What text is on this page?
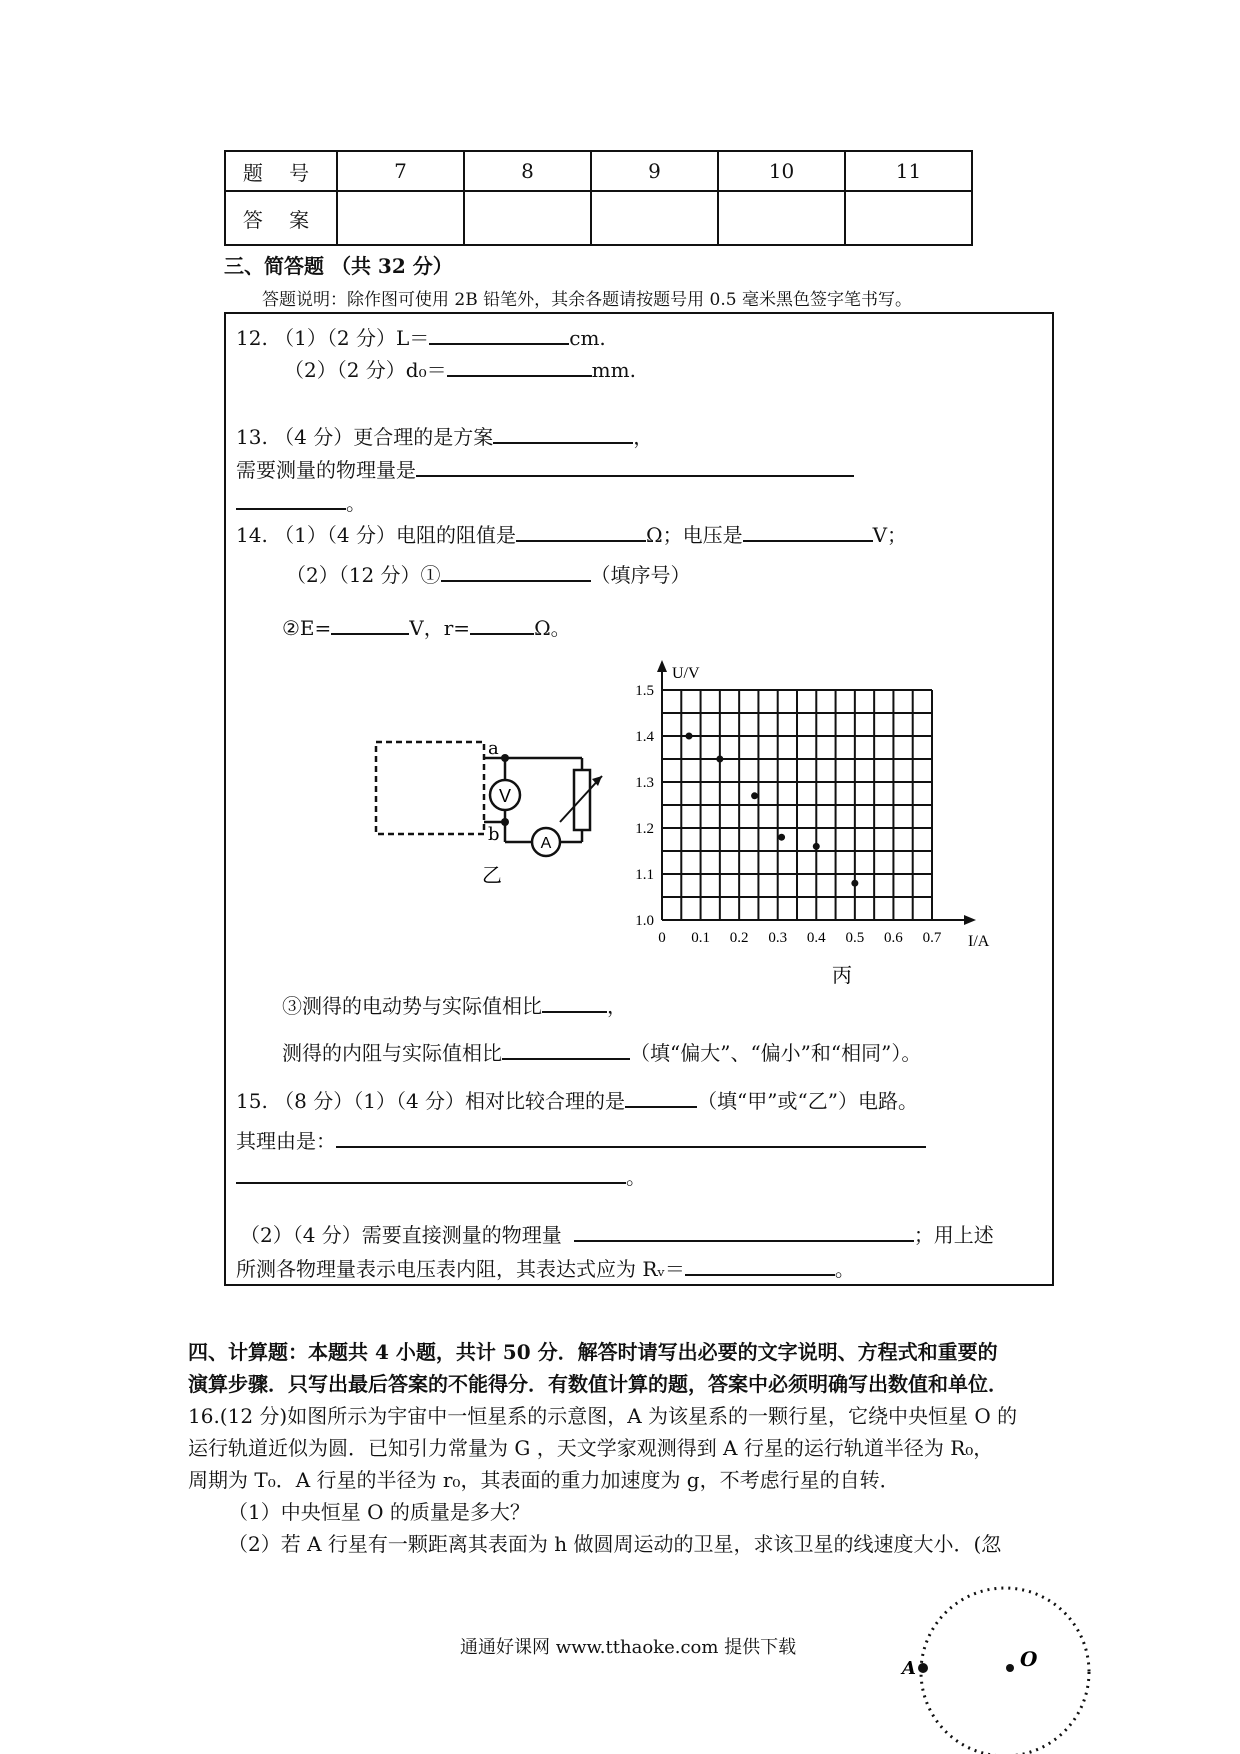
题 号	7	8	9	10	11
答 案					
三、简答题 （共 32 分）
答题说明：除作图可使用 2B 铅笔外，其余各题请按题号用 0.5 毫米黑色签字笔书写。
12. （1）（2 分）L＝	cm.
（2）（2 分）d₀＝	mm.
13. （4 分）更合理的是方案	，
需要测量的物理量是
。
14. （1）（4 分）电阻的阻值是	Ω；电压是	V；
（2）（12 分）①	（填序号）
②E=	V，r=	Ω。
V
A
a
b
乙
1.0
1.1
1.2
1.3
1.4
1.5
0 0.1 0.2 0.3 0.4 0.5 0.6 0.7
U/V
I/A
丙
③测得的电动势与实际值相比	，
测得的内阻与实际值相比	（填“偏大”、“偏小”和“相同”）。
15. （8 分）（1）（4 分）相对比较合理的是	（填“甲”或“乙”）电路。
其理由是：
。
（2）（4 分）需要直接测量的物理量	；用上述
所测各物理量表示电压表内阻，其表达式应为 Rᵥ＝	。
四、计算题：本题共 4 小题，共计 50 分．解答时请写出必要的文字说明、方程式和重要的
演算步骤．只写出最后答案的不能得分．有数值计算的题，答案中必须明确写出数值和单位．
16.(12 分)如图所示为宇宙中一恒星系的示意图，A 为该星系的一颗行星，它绕中央恒星 O 的
运行轨道近似为圆．已知引力常量为 G ，天文学家观测得到 A 行星的运行轨道半径为 R₀，
周期为 T₀．A 行星的半径为 r₀，其表面的重力加速度为 g，不考虑行星的自转．
（1）中央恒星 O 的质量是多大？
（2）若 A 行星有一颗距离其表面为 h 做圆周运动的卫星，求该卫星的线速度大小．(忽
通通好课网 www.tthaoke.com 提供下载
A	O
